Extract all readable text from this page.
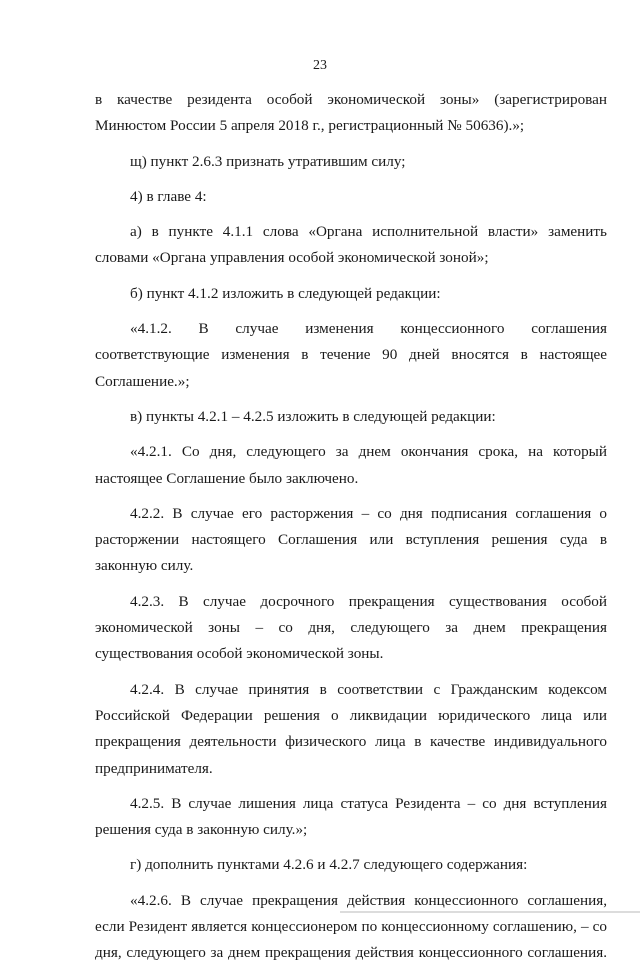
23

в качестве резидента особой экономической зоны» (зарегистрирован Минюстом России 5 апреля 2018 г., регистрационный № 50636).»;

щ) пункт 2.6.3 признать утратившим силу;

4) в главе 4:

а) в пункте 4.1.1 слова «Органа исполнительной власти» заменить словами «Органа управления особой экономической зоной»;

б) пункт 4.1.2 изложить в следующей редакции:

«4.1.2. В случае изменения концессионного соглашения соответствующие изменения в течение 90 дней вносятся в настоящее Соглашение.»;

в) пункты 4.2.1 – 4.2.5 изложить в следующей редакции:

«4.2.1. Со дня, следующего за днем окончания срока, на который настоящее Соглашение было заключено.

4.2.2. В случае его расторжения – со дня подписания соглашения о расторжении настоящего Соглашения или вступления решения суда в законную силу.

4.2.3. В случае досрочного прекращения существования особой экономической зоны – со дня, следующего за днем прекращения существования особой экономической зоны.

4.2.4. В случае принятия в соответствии с Гражданским кодексом Российской Федерации решения о ликвидации юридического лица или прекращения деятельности физического лица в качестве индивидуального предпринимателя.

4.2.5. В случае лишения лица статуса Резидента – со дня вступления решения суда в законную силу.»;

г) дополнить пунктами 4.2.6 и 4.2.7 следующего содержания:

«4.2.6. В случае прекращения действия концессионного соглашения, если Резидент является концессионером по концессионному соглашению, – со дня, следующего за днем прекращения действия концессионного соглашения.
